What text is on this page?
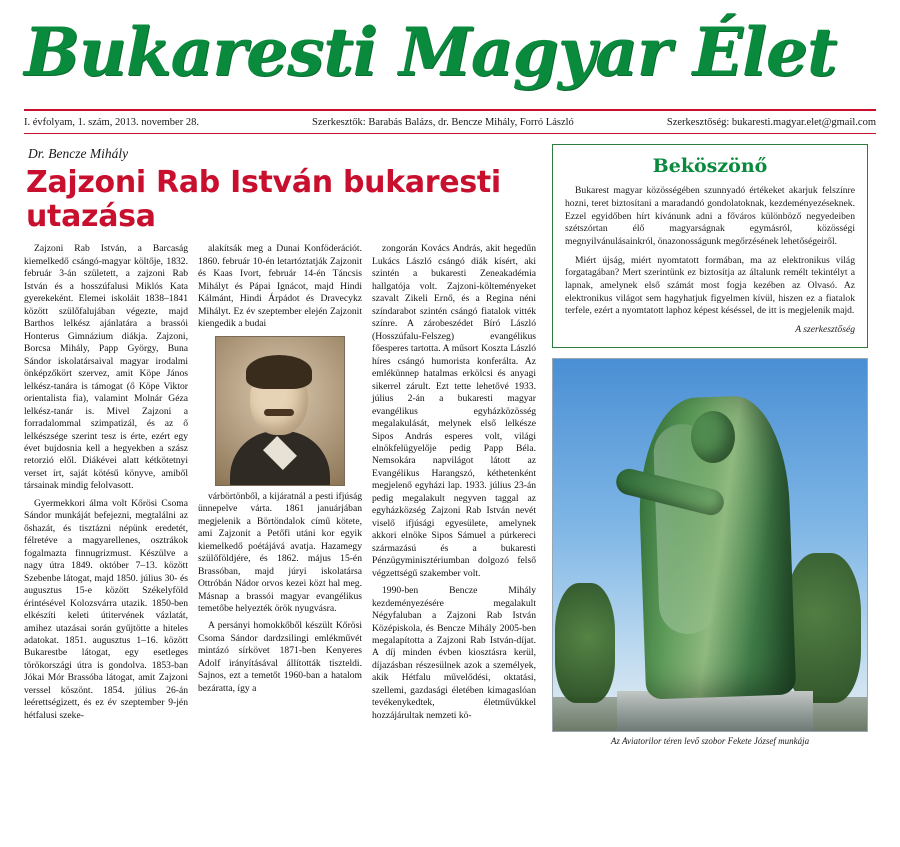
Bukaresti Magyar Élet
I. évfolyam, 1. szám, 2013. november 28.	Szerkesztők: Barabás Balázs, dr. Bencze Mihály, Forró László	Szerkesztőség: bukaresti.magyar.elet@gmail.com
Dr. Bencze Mihály
Zajzoni Rab István bukaresti utazása

Zajzoni Rab István, a Barcaság kiemelkedő csángó-magyar költője, 1832. február 3-án született, a zajzoni Rab István és a hosszúfalusi Miklós Kata gyerekeként. Elemei iskoláit 1838–1841 között szülőfalujában végezte, majd Barthos lelkész ajánlatára a brassói Honterus Gimnázium diákja. Zajzoni, Borcsa Mihály, Papp György, Buna Sándor iskolatársaival magyar irodalmi önképzőkört szervez, amit Köpe János lelkész-tanára is támogat (ő Köpe Viktor orientalista fia), valamint Molnár Géza lelkész-tanár is. Mivel Zajzoni a forradalommal szimpatizál, és az ő lelkészsége szerint tesz is érte, ezért egy évet bujdosnia kell a hegyekben a szász retorzió elől. Diákévei alatt kétkötetnyi verset írt, saját kötésű könyve, amiből társainak mindig felolvasott.

Gyermekkori álma volt Kőrösi Csoma Sándor munkáját befejezni, megtalálni az őshazát, és tisztázni népünk eredetét, félretéve a magyarellenes, osztrákok fogalmazta finnugrizmust. Készülve a nagy útra 1849. október 7–13. között Szebenbe látogat, majd 1850. július 30- és augusztus 15-e között Székelyföld érintésével Kolozsvárra utazik. 1850-ben elkészíti keleti útitervének vázlatát, amihez utazásai során gyűjtötte a hiteles adatokat. 1851. augusztus 1–16. között Bukarestbe látogat, egy esetleges törökországi útra is gondolva. 1853-ban Jókai Mór Brassóba látogat, amit Zajzoni verssel köszönt. 1854. július 26-án leérettségizett, és ez év szeptember 9-jén hétfalusi szeke-

alakítsák meg a Dunai Konföderációt. 1860. február 10-én letartóztatják Zajzonit és Kaas Ivort, február 14-én Táncsis Mihályt és Pápai Ignácot, majd Hindi Kálmánt, Hindi Árpádot és Dravecykz Mihályt. Ez év szeptember elején Zajzonit kiengedik a budai

várbörtönből, a kijáratnál a pesti ifjúság ünnepelve várta. 1861 januárjában megjelenik a Börtöndalok című kötete, ami Zajzonit a Petőfi utáni kor egyik kiemelkedő poétájává avatja. Hazamegy szülőföldjére, és 1862. május 15-én Brassóban, majd júryi iskolatársa Ottróbán Nádor orvos kezei közt hal meg. Másnap a brassói magyar evangélikus temetőbe helyezték örök nyugvásra.

A persányi homokkőből készült Kőrösi Csoma Sándor dardzsilingi emlékművét mintázó sírkövet 1871-ben Kenyeres Adolf irányításával állították tiszteldi. Sajnos, ezt a temetőt 1960-ban a hatalom bezáratta, így a

zongorán Kovács András, akit hegedűn Lukács László csángó diák kísért, aki szintén a bukaresti Zeneakadémia hallgatója volt. Zajzoni-költeményeket szavalt Zikeli Ernő, és a Regina néni színdarabot szintén csángó fiatalok vitték színre. A zárobeszédet Bíró László (Hosszúfalu-Felszeg) evangélikus főesperes tartotta. A műsort Koszta László híres csángó humorista konferálta. Az emlékünnep hatalmas erkölcsi és anyagi sikerrel zárult. Ezt tette lehetővé 1933. július 2-án a bukaresti magyar evangélikus egyházközösség megalakulását, melynek első lelkésze Sipos András esperes volt, világi elnökfelügyelője pedig Papp Béla. Nemsokára napvilágot látott az Evangélikus Harangszó, kéthetenként megjelenő egyházi lap. 1933. július 23-án pedig megalakult negyven taggal az egyházközség Zajzoni Rab István nevét viselő ifjúsági egyesülete, amelynek akkori elnöke Sipos Sámuel a púrkereci származású és a bukaresti Pénzügyminisztériumban dolgozó felső végzettségű szakember volt.

1990-ben Bencze Mihály kezdeményezésére megalakult Négyfaluban a Zajzoni Rab István Középiskola, és Bencze Mihály 2005-ben megalapította a Zajzoni Rab István-díjat. A díj minden évben kiosztásra kerül, díjazásban részesülnek azok a személyek, akik Hétfalu művelődési, oktatási, szellemi, gazdasági életében kimagaslóan tevékenykedtek, életművükkel hozzájárultak nemzeti kö-

Beköszönő

Bukarest magyar közösségében szunnyadó értékeket akarjuk felszínre hozni, teret biztosítani a maradandó gondolatoknak, kezdeményezéseknek. Ezzel egyidőben hírt kívánunk adni a főváros különböző negyedeiben szétszórtan élő magyarságnak egymásról, közösségi megnyilvánulásainkról, önazonosságunk megőrzésének lehetőségeiről.

Miért újság, miért nyomtatott formában, ma az elektronikus világ forgatagában? Mert szerintünk ez biztosítja az általunk remélt tekintélyt a lapnak, amelynek első számát most fogja kezében az Olvasó. Az elektronikus világot sem hagyhatjuk figyelmen kívül, hiszen ez a fiatalok terfele, ezért a nyomtatott laphoz képest késéssel, de itt is megjelenik majd.

A szerkesztőség
Az Aviatorilor téren levő szobor Fekete József munkája
